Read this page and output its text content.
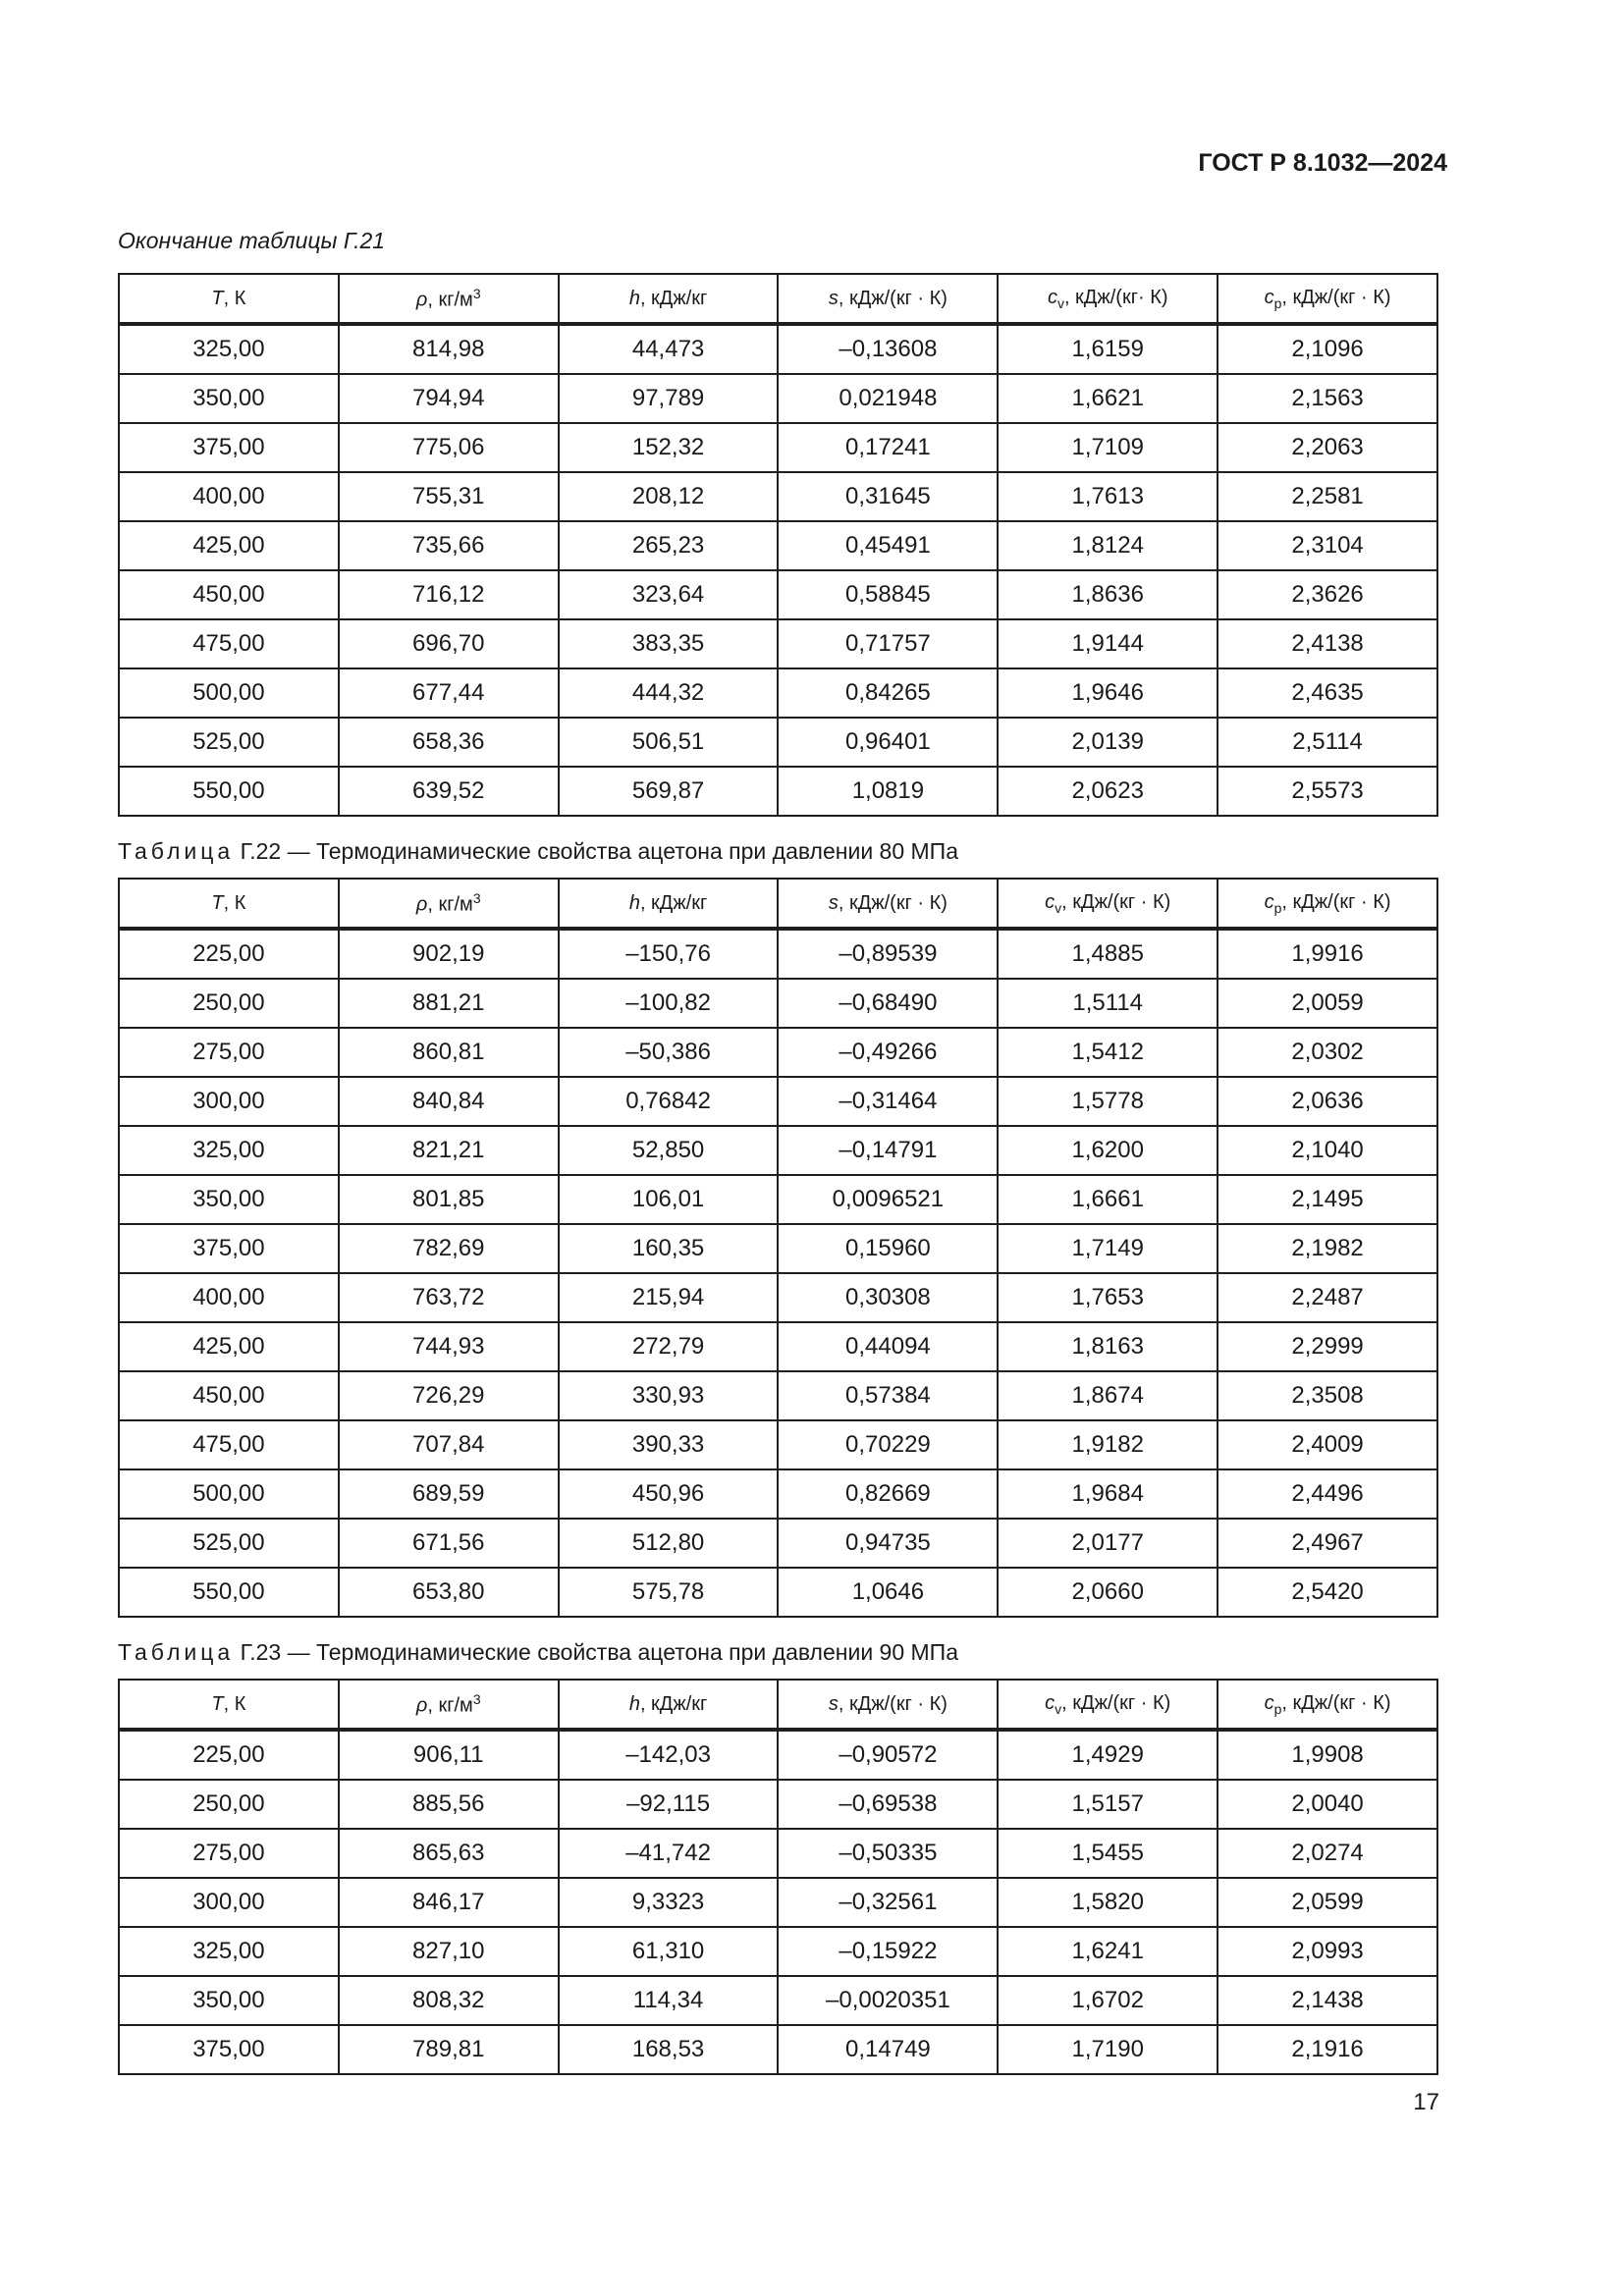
ГОСТ Р 8.1032—2024
Окончание таблицы Г.21
T, К	ρ, $кг/м^3$	h, кДж/кг	s, кДж/(кг · К)	$c_v$, кДж/(кг· К)	$c_p$, кДж/(кг · К)
325,00	814,98	44,473	–0,13608	1,6159	2,1096
350,00	794,94	97,789	0,021948	1,6621	2,1563
375,00	775,06	152,32	0,17241	1,7109	2,2063
400,00	755,31	208,12	0,31645	1,7613	2,2581
425,00	735,66	265,23	0,45491	1,8124	2,3104
450,00	716,12	323,64	0,58845	1,8636	2,3626
475,00	696,70	383,35	0,71757	1,9144	2,4138
500,00	677,44	444,32	0,84265	1,9646	2,4635
525,00	658,36	506,51	0,96401	2,0139	2,5114
550,00	639,52	569,87	1,0819	2,0623	2,5573
Таблица Г.22 — Термодинамические свойства ацетона при давлении 80 МПа
T, К	ρ, $кг/м^3$	h, кДж/кг	s, кДж/(кг · К)	$c_v$, кДж/(кг · К)	$c_p$, кДж/(кг · К)
225,00	902,19	–150,76	–0,89539	1,4885	1,9916
250,00	881,21	–100,82	–0,68490	1,5114	2,0059
275,00	860,81	–50,386	–0,49266	1,5412	2,0302
300,00	840,84	0,76842	–0,31464	1,5778	2,0636
325,00	821,21	52,850	–0,14791	1,6200	2,1040
350,00	801,85	106,01	0,0096521	1,6661	2,1495
375,00	782,69	160,35	0,15960	1,7149	2,1982
400,00	763,72	215,94	0,30308	1,7653	2,2487
425,00	744,93	272,79	0,44094	1,8163	2,2999
450,00	726,29	330,93	0,57384	1,8674	2,3508
475,00	707,84	390,33	0,70229	1,9182	2,4009
500,00	689,59	450,96	0,82669	1,9684	2,4496
525,00	671,56	512,80	0,94735	2,0177	2,4967
550,00	653,80	575,78	1,0646	2,0660	2,5420
Таблица Г.23 — Термодинамические свойства ацетона при давлении 90 МПа
T, К	ρ, $кг/м^3$	h, кДж/кг	s, кДж/(кг · К)	$c_v$, кДж/(кг · К)	$c_p$, кДж/(кг · К)
225,00	906,11	–142,03	–0,90572	1,4929	1,9908
250,00	885,56	–92,115	–0,69538	1,5157	2,0040
275,00	865,63	–41,742	–0,50335	1,5455	2,0274
300,00	846,17	9,3323	–0,32561	1,5820	2,0599
325,00	827,10	61,310	–0,15922	1,6241	2,0993
350,00	808,32	114,34	–0,0020351	1,6702	2,1438
375,00	789,81	168,53	0,14749	1,7190	2,1916
17
